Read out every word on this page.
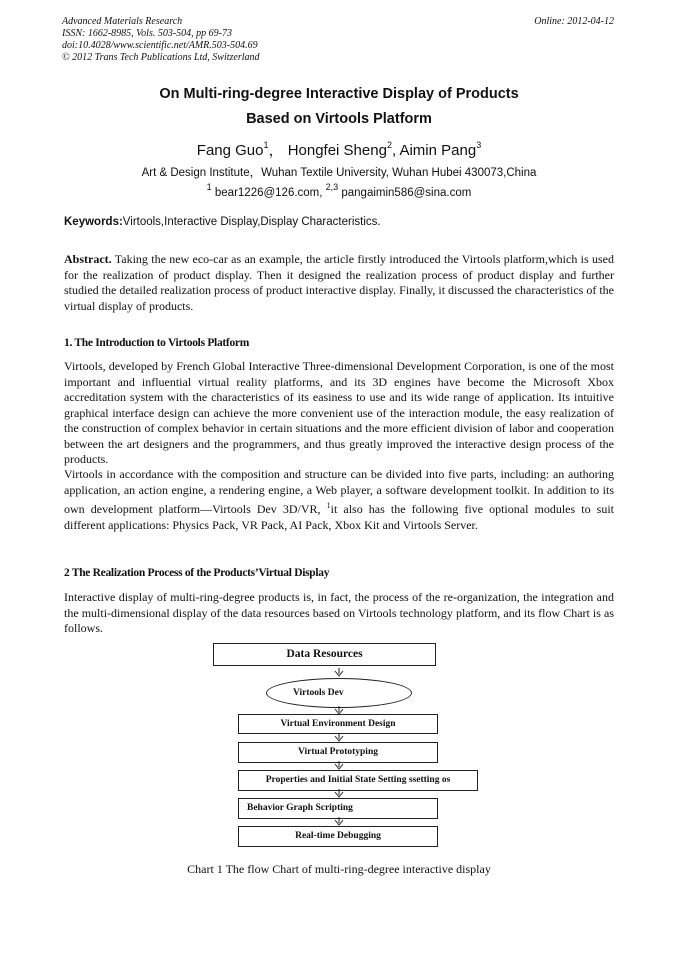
Advanced Materials Research
ISSN: 1662-8985, Vols. 503-504, pp 69-73
doi:10.4028/www.scientific.net/AMR.503-504.69
© 2012 Trans Tech Publications Ltd, Switzerland
Online: 2012-04-12
On Multi-ring-degree Interactive Display of Products
Based on Virtools Platform
Fang Guo$^1$， Hongfei Sheng$^2$, Aimin Pang$^3$
Art & Design Institute，Wuhan Textile University, Wuhan Hubei 430073,China
$^1$ bear1226@126.com, $^{2,3}$ pangaimin586@sina.com
Keywords:Virtools,Interactive Display,Display Characteristics.

Abstract. Taking the new eco-car as an example, the article firstly introduced the Virtools platform,which is used for the realization of product display. Then it designed the realization process of product display and further studied the detailed realization process of product interactive display. Finally, it discussed the characteristics of the virtual display of products.

1. The Introduction to Virtools Platform

Virtools, developed by French Global Interactive Three-dimensional Development Corporation, is one of the most important and influential virtual reality platforms, and its 3D engines have become the Microsoft Xbox accreditation system with the characteristics of its easiness to use and its wide range of application. Its intuitive graphical interface design can achieve the more convenient use of the interaction module, the easy realization of the construction of complex behavior in certain situations and the more efficient division of labor and cooperation between the art designers and the programmers, and thus greatly improved the interactive design process of the products.

Virtools in accordance with the composition and structure can be divided into five parts, including: an authoring application, an action engine, a rendering engine, a Web player, a software development toolkit. In addition to its own development platform—Virtools Dev 3D/VR, $^1$it also has the following five optional modules to suit different applications: Physics Pack, VR Pack, AI Pack, Xbox Kit and Virtools Server.

2 The Realization Process of the Products’Virtual Display

Interactive display of multi-ring-degree products is, in fact, the process of the re-organization, the integration and the multi-dimensional display of the data resources based on Virtools technology platform, and its flow Chart is as follows.

Data Resources
Virtools Dev
Virtual Environment Design
Virtual Prototyping
Properties and Initial State Setting ssetting os
Behavior Graph Scripting
Real-time Debugging
Chart 1 The flow Chart of multi-ring-degree interactive display
